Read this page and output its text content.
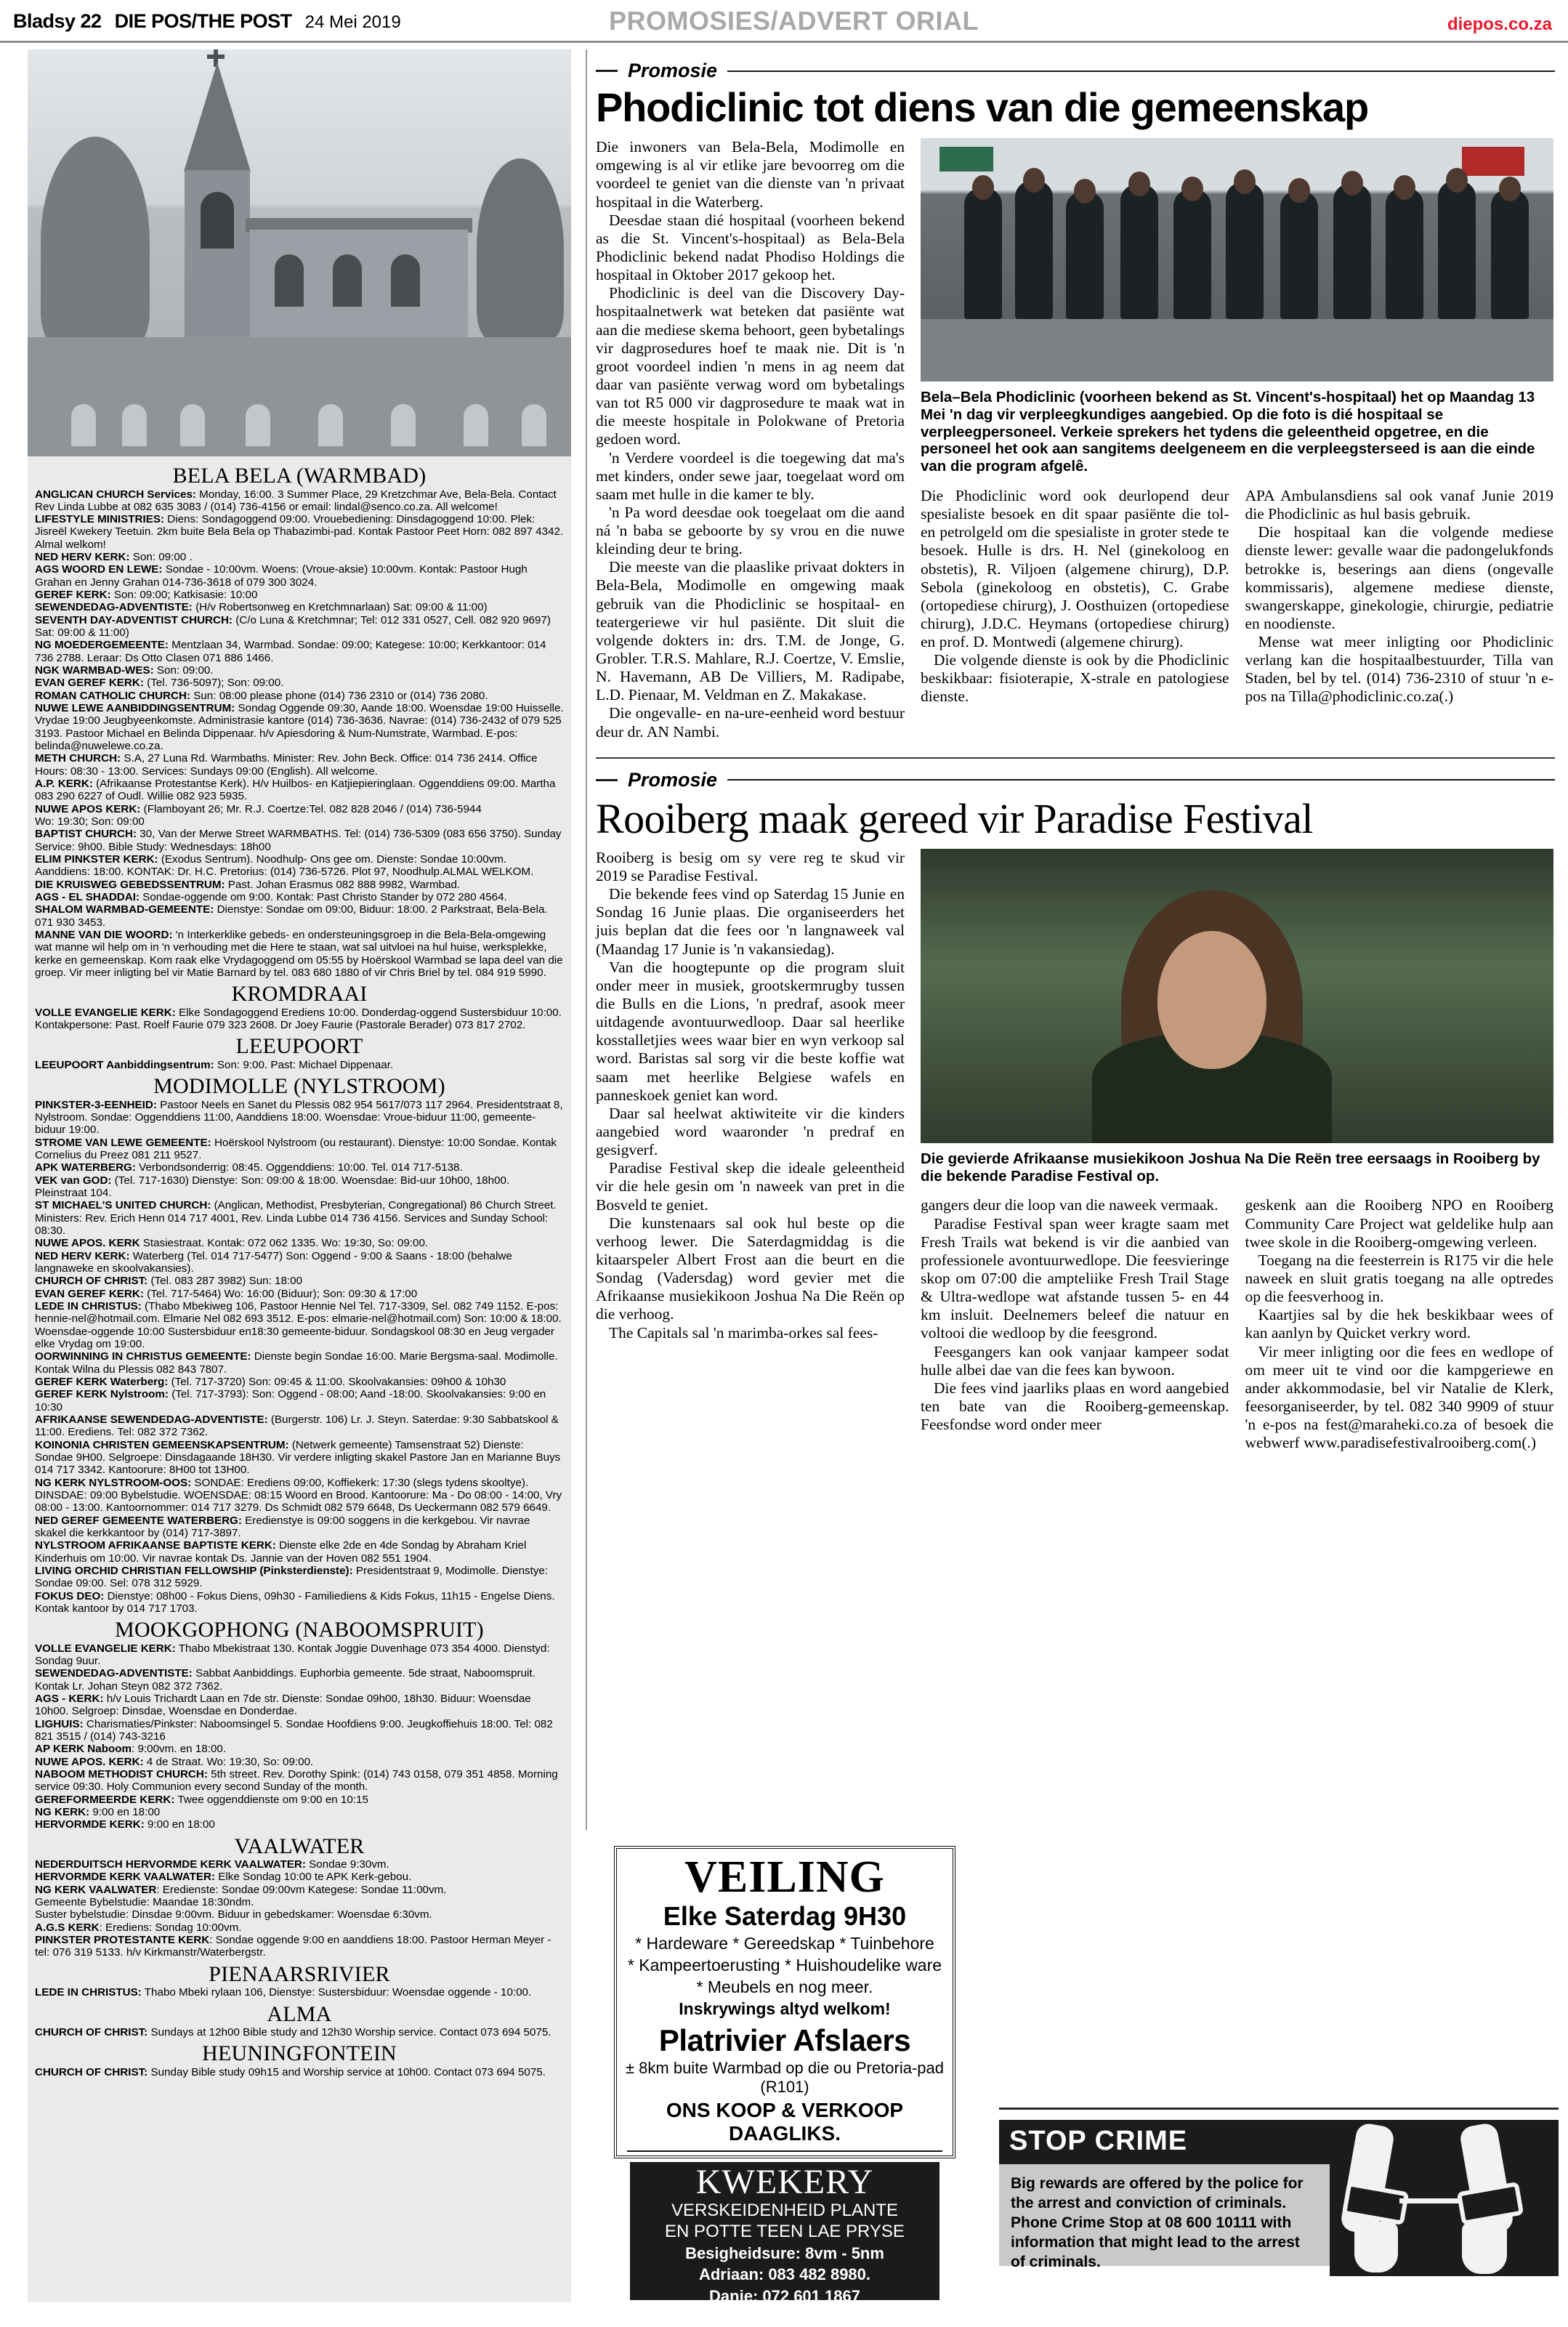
Bladsy 22 DIE POS/THE POST 24 Mei 2019	PROMOSIES/ADVERT ORIAL	diepos.co.za
BELA BELA (WARMBAD)

ANGLICAN CHURCH Services: Monday, 16:00. 3 Summer Place, 29 Kretzchmar Ave, Bela-Bela. Contact Rev Linda Lubbe at 082 635 3083 / (014) 736-4156 or email: lindal@senco.co.za. All welcome!

LIFESTYLE MINISTRIES: Diens: Sondagoggend 09:00. Vrouebediening: Dinsdagoggend 10:00. Plek: Jisreël Kwekery Teetuin. 2km buite Bela Bela op Thabazimbi-pad. Kontak Pastoor Peet Horn: 082 897 4342. Almal welkom!

NED HERV KERK: Son: 09:00 .

AGS WOORD EN LEWE: Sondae - 10:00vm. Woens: (Vroue-aksie) 10:00vm. Kontak: Pastoor Hugh Grahan en Jenny Grahan 014-736-3618 of 079 300 3024.

GEREF KERK: Son: 09:00; Katkisasie: 10:00

SEWENDEDAG-ADVENTISTE: (H/v Robertsonweg en Kretchmnarlaan) Sat: 09:00 & 11:00)

SEVENTH DAY-ADVENTIST CHURCH: (C/o Luna & Kretchmnar; Tel: 012 331 0527, Cell. 082 920 9697) Sat: 09:00 & 11:00)

NG MOEDERGEMEENTE: Mentzlaan 34, Warmbad. Sondae: 09:00; Kategese: 10:00; Kerkkantoor: 014 736 2788. Leraar: Ds Otto Clasen 071 886 1466.

NGK WARMBAD-WES: Son: 09:00.

EVAN GEREF KERK: (Tel. 736-5097); Son: 09:00.

ROMAN CATHOLIC CHURCH: Sun: 08:00 please phone (014) 736 2310 or (014) 736 2080.

NUWE LEWE AANBIDDINGSENTRUM: Sondag Oggende 09:30, Aande 18:00. Woensdae 19:00 Huisselle. Vrydae 19:00 Jeugbyeenkomste. Administrasie kantore (014) 736-3636. Navrae: (014) 736-2432 of 079 525 3193. Pastoor Michael en Belinda Dippenaar. h/v Apiesdoring & Num-Numstrate, Warmbad. E-pos: belinda@nuwelewe.co.za.

METH CHURCH: S.A, 27 Luna Rd. Warmbaths. Minister: Rev. John Beck. Office: 014 736 2414. Office Hours: 08:30 - 13:00. Services: Sundays 09:00 (English). All welcome.

A.P. KERK: (Afrikaanse Protestantse Kerk). H/v Huilbos- en Katjiepieringlaan. Oggenddiens 09:00. Martha 083 290 6227 of Oudl. Willie 082 923 5935.

NUWE APOS KERK: (Flamboyant 26; Mr. R.J. Coertze:Tel. 082 828 2046 / (014) 736-5944

Wo: 19:30; Son: 09:00

BAPTIST CHURCH: 30, Van der Merwe Street WARMBATHS. Tel: (014) 736-5309 (083 656 3750). Sunday Service: 9h00. Bible Study: Wednesdays: 18h00

ELIM PINKSTER KERK: (Exodus Sentrum). Noodhulp- Ons gee om. Dienste: Sondae 10:00vm. Aanddiens: 18:00. KONTAK: Dr. H.C. Pretorius: (014) 736-5726. Plot 97, Noodhulp.ALMAL WELKOM.

DIE KRUISWEG GEBEDSSENTRUM: Past. Johan Erasmus 082 888 9982, Warmbad.

AGS - EL SHADDAI: Sondae-oggende om 9:00. Kontak: Past Christo Stander by 072 280 4564.

SHALOM WARMBAD-GEMEENTE: Dienstye: Sondae om 09:00, Biduur: 18:00. 2 Parkstraat, Bela-Bela. 071 930 3453.

MANNE VAN DIE WOORD: 'n Interkerklike gebeds- en ondersteuningsgroep in die Bela-Bela-omgewing wat manne wil help om in 'n verhouding met die Here te staan, wat sal uitvloei na hul huise, werksplekke, kerke en gemeenskap. Kom raak elke Vrydagoggend om 05:55 by Hoërskool Warmbad se lapa deel van die groep. Vir meer inligting bel vir Matie Barnard by tel. 083 680 1880 of vir Chris Briel by tel. 084 919 5990.

KROMDRAAI

VOLLE EVANGELIE KERK: Elke Sondagoggend Erediens 10:00. Donderdag-oggend Sustersbiduur 10:00. Kontakpersone: Past. Roelf Faurie 079 323 2608. Dr Joey Faurie (Pastorale Berader) 073 817 2702.

LEEUPOORT

LEEUPOORT Aanbiddingsentrum: Son: 9:00. Past: Michael Dippenaar.

MODIMOLLE (NYLSTROOM)

PINKSTER-3-EENHEID: Pastoor Neels en Sanet du Plessis 082 954 5617/073 117 2964. Presidentstraat 8, Nylstroom. Sondae: Oggenddiens 11:00, Aanddiens 18:00. Woensdae: Vroue-biduur 11:00, gemeente-biduur 19:00.

STROME VAN LEWE GEMEENTE: Hoërskool Nylstroom (ou restaurant). Dienstye: 10:00 Sondae. Kontak Cornelius du Preez 081 211 9527.

APK WATERBERG: Verbondsonderrig: 08:45. Oggenddiens: 10:00. Tel. 014 717-5138.

VEK van GOD: (Tel. 717-1630) Dienstye: Son: 09:00 & 18:00. Woensdae: Bid-uur 10h00, 18h00. Pleinstraat 104.

ST MICHAEL'S UNITED CHURCH: (Anglican, Methodist, Presbyterian, Congregational) 86 Church Street. Ministers: Rev. Erich Henn 014 717 4001, Rev. Linda Lubbe 014 736 4156. Services and Sunday School: 08:30.

NUWE APOS. KERK Stasiestraat. Kontak: 072 062 1335. Wo: 19:30, So: 09:00.

NED HERV KERK: Waterberg (Tel. 014 717-5477) Son: Oggend - 9:00 & Saans - 18:00 (behalwe langnaweke en skoolvakansies).

CHURCH OF CHRIST: (Tel. 083 287 3982) Sun: 18:00

EVAN GEREF KERK: (Tel. 717-5464) Wo: 16:00 (Biduur); Son: 09:30 & 17:00

LEDE IN CHRISTUS: (Thabo Mbekiweg 106, Pastoor Hennie Nel Tel. 717-3309, Sel. 082 749 1152. E-pos: hennie-nel@hotmail.com. Elmarie Nel 082 693 3512. E-pos: elmarie-nel@hotmail.com) Son: 10:00 & 18:00. Woensdae-oggende 10:00 Sustersbiduur en18:30 gemeente-biduur. Sondagskool 08:30 en Jeug vergader elke Vrydag om 19:00.

OORWINNING IN CHRISTUS GEMEENTE: Dienste begin Sondae 16:00. Marie Bergsma-saal. Modimolle. Kontak Wilna du Plessis 082 843 7807.

GEREF KERK Waterberg: (Tel. 717-3720) Son: 09:45 & 11:00. Skoolvakansies: 09h00 & 10h30

GEREF KERK Nylstroom: (Tel. 717-3793): Son: Oggend - 08:00; Aand -18:00. Skoolvakansies: 9:00 en 10:30

AFRIKAANSE SEWENDEDAG-ADVENTISTE: (Burgerstr. 106) Lr. J. Steyn. Saterdae: 9:30 Sabbatskool & 11:00. Erediens. Tel: 082 372 7362.

KOINONIA CHRISTEN GEMEENSKAPSENTRUM: (Netwerk gemeente) Tamsenstraat 52) Dienste: Sondae 9H00. Selgroepe: Dinsdagaande 18H30. Vir verdere inligting skakel Pastore Jan en Marianne Buys 014 717 3342. Kantoorure: 8H00 tot 13H00.

NG KERK NYLSTROOM-OOS: SONDAE: Erediens 09:00, Koffiekerk: 17:30 (slegs tydens skooltye). DINSDAE: 09:00 Bybelstudie. WOENSDAE: 08:15 Woord en Brood. Kantoorure: Ma - Do 08:00 - 14:00, Vry 08:00 - 13:00. Kantoornommer: 014 717 3279. Ds Schmidt 082 579 6648, Ds Ueckermann 082 579 6649.

NED GEREF GEMEENTE WATERBERG: Eredienstye is 09:00 soggens in die kerkgebou. Vir navrae skakel die kerkkantoor by (014) 717-3897.

NYLSTROOM AFRIKAANSE BAPTISTE KERK: Dienste elke 2de en 4de Sondag by Abraham Kriel Kinderhuis om 10:00. Vir navrae kontak Ds. Jannie van der Hoven 082 551 1904.

LIVING ORCHID CHRISTIAN FELLOWSHIP (Pinksterdienste): Presidentstraat 9, Modimolle. Dienstye: Sondae 09:00. Sel: 078 312 5929.

FOKUS DEO: Dienstye: 08h00 - Fokus Diens, 09h30 - Familiediens & Kids Fokus, 11h15 - Engelse Diens. Kontak kantoor by 014 717 1703.

MOOKGOPHONG (NABOOMSPRUIT)

VOLLE EVANGELIE KERK: Thabo Mbekistraat 130. Kontak Joggie Duvenhage 073 354 4000. Dienstyd: Sondag 9uur.

SEWENDEDAG-ADVENTISTE: Sabbat Aanbiddings. Euphorbia gemeente. 5de straat, Naboomspruit. Kontak Lr. Johan Steyn 082 372 7362.

AGS - KERK: h/v Louis Trichardt Laan en 7de str. Dienste: Sondae 09h00, 18h30. Biduur: Woensdae 10h00. Selgroep: Dinsdae, Woensdae en Donderdae.

LIGHUIS: Charismaties/Pinkster: Naboomsingel 5. Sondae Hoofdiens 9:00. Jeugkoffiehuis 18:00. Tel: 082 821 3515 / (014) 743-3216

AP KERK Naboom: 9:00vm. en 18:00.

NUWE APOS. KERK: 4 de Straat. Wo: 19:30, So: 09:00.

NABOOM METHODIST CHURCH: 5th street. Rev. Dorothy Spink: (014) 743 0158, 079 351 4858. Morning service 09:30. Holy Communion every second Sunday of the month.

GEREFORMEERDE KERK: Twee oggenddienste om 9:00 en 10:15

NG KERK: 9:00 en 18:00

HERVORMDE KERK: 9:00 en 18:00

VAALWATER

NEDERDUITSCH HERVORMDE KERK VAALWATER: Sondae 9:30vm.

HERVORMDE KERK VAALWATER: Elke Sondag 10:00 te APK Kerk-gebou.

NG KERK VAALWATER: Eredienste: Sondae 09:00vm Kategese: Sondae 11:00vm.

Gemeente Bybelstudie: Maandae 18:30ndm.

Suster bybelstudie: Dinsdae 9:00vm. Biduur in gebedskamer: Woensdae 6:30vm.

A.G.S KERK: Erediens: Sondag 10:00vm.

PINKSTER PROTESTANTE KERK: Sondae oggende 9:00 en aanddiens 18:00. Pastoor Herman Meyer - tel: 076 319 5133. h/v Kirkmanstr/Waterbergstr.

PIENAARSRIVIER

LEDE IN CHRISTUS: Thabo Mbeki rylaan 106, Dienstye: Sustersbiduur: Woensdae oggende - 10:00.

ALMA

CHURCH OF CHRIST: Sundays at 12h00 Bible study and 12h30 Worship service. Contact 073 694 5075.

HEUNINGFONTEIN

CHURCH OF CHRIST: Sunday Bible study 09h15 and Worship service at 10h00. Contact 073 694 5075.

Promosie
Phodiclinic tot diens van die gemeenskap

Die inwoners van Bela-Bela, Modimolle en omgewing is al vir etlike jare bevoorreg om die voordeel te geniet van die dienste van 'n privaat hospitaal in die Waterberg.

Deesdae staan dié hospitaal (voorheen bekend as die St. Vincent's-hospitaal) as Bela-Bela Phodiclinic bekend nadat Phodiso Holdings die hospitaal in Oktober 2017 gekoop het.

Phodiclinic is deel van die Discovery Day-hospitaalnetwerk wat beteken dat pasiënte wat aan die mediese skema behoort, geen bybetalings vir dagprosedures hoef te maak nie. Dit is 'n groot voordeel indien 'n mens in ag neem dat daar van pasiënte verwag word om bybetalings van tot R5 000 vir dagprosedure te maak wat in die meeste hospitale in Polokwane of Pretoria gedoen word.

'n Verdere voordeel is die toegewing dat ma's met kinders, onder sewe jaar, toegelaat word om saam met hulle in die kamer te bly.

'n Pa word deesdae ook toegelaat om die aand ná 'n baba se geboorte by sy vrou en die nuwe kleinding deur te bring.

Die meeste van die plaaslike privaat dokters in Bela-Bela, Modimolle en omgewing maak gebruik van die Phodiclinic se hospitaal- en teatergeriewe vir hul pasiënte. Dit sluit die volgende dokters in: drs. T.M. de Jonge, G. Grobler. T.R.S. Mahlare, R.J. Coertze, V. Emslie, N. Havemann, AB De Villiers, M. Radipabe, L.D. Pienaar, M. Veldman en Z. Makakase.

Die ongevalle- en na-ure-eenheid word bestuur deur dr. AN Nambi.

Bela–Bela Phodiclinic (voorheen bekend as St. Vincent's-hospitaal) het op Maandag 13 Mei 'n dag vir verpleegkundiges aangebied. Op die foto is dié hospitaal se verpleegpersoneel. Verkeie sprekers het tydens die geleentheid opgetree, en die personeel het ook aan sangitems deelgeneem en die verpleegsterseed is aan die einde van die program afgelê.

Die Phodiclinic word ook deurlopend deur spesialiste besoek en dit spaar pasiënte die tol- en petrolgeld om die spesialiste in groter stede te besoek. Hulle is drs. H. Nel (ginekoloog en obstetis), R. Viljoen (algemene chirurg), D.P. Sebola (ginekoloog en obstetis), C. Grabe (ortopediese chirurg), J. Oosthuizen (ortopediese chirurg), J.D.C. Heymans (ortopediese chirurg) en prof. D. Montwedi (algemene chirurg).

Die volgende dienste is ook by die Phodiclinic beskikbaar: fisioterapie, X-strale en patologiese dienste.

APA Ambulansdiens sal ook vanaf Junie 2019 die Phodiclinic as hul basis gebruik.

Die hospitaal kan die volgende mediese dienste lewer: gevalle waar die padongelukfonds betrokke is, beserings aan diens (ongevalle kommissaris), algemene mediese dienste, swangerskappe, ginekologie, chirurgie, pediatrie en noodienste.

Mense wat meer inligting oor Phodiclinic verlang kan die hospitaalbestuurder, Tilla van Staden, bel by tel. (014) 736-2310 of stuur 'n e-pos na Tilla@phodiclinic.co.za(.)

Promosie
Rooiberg maak gereed vir Paradise Festival

Rooiberg is besig om sy vere reg te skud vir 2019 se Paradise Festival.

Die bekende fees vind op Saterdag 15 Junie en Sondag 16 Junie plaas. Die organiseerders het juis beplan dat die fees oor 'n langnaweek val (Maandag 17 Junie is 'n vakansiedag).

Van die hoogtepunte op die program sluit onder meer in musiek, grootskermrugby tussen die Bulls en die Lions, 'n predraf, asook meer uitdagende avontuurwedloop. Daar sal heerlike kosstalletjies wees waar bier en wyn verkoop sal word. Baristas sal sorg vir die beste koffie wat saam met heerlike Belgiese wafels en panneskoek geniet kan word.

Daar sal heelwat aktiwiteite vir die kinders aangebied word waaronder 'n predraf en gesigverf.

Paradise Festival skep die ideale geleentheid vir die hele gesin om 'n naweek van pret in die Bosveld te geniet.

Die kunstenaars sal ook hul beste op die verhoog lewer. Die Saterdagmiddag is die kitaarspeler Albert Frost aan die beurt en die Sondag (Vadersdag) word gevier met die Afrikaanse musiekikoon Joshua Na Die Reën op die verhoog.

The Capitals sal 'n marimba-orkes sal fees-

Die gevierde Afrikaanse musiekikoon Joshua Na Die Reën tree eersaags in Rooiberg by die bekende Paradise Festival op.

gangers deur die loop van die naweek vermaak.

Paradise Festival span weer kragte saam met Fresh Trails wat bekend is vir die aanbied van professionele avontuurwedlope. Die feesvieringe skop om 07:00 die ampteliike Fresh Trail Stage & Ultra-wedlope wat afstande tussen 5- en 44 km insluit. Deelnemers beleef die natuur en voltooi die wedloop by die feesgrond.

Feesgangers kan ook vanjaar kampeer sodat hulle albei dae van die fees kan bywoon.

Die fees vind jaarliks plaas en word aangebied ten bate van die Rooiberg-gemeenskap. Feesfondse word onder meer

geskenk aan die Rooiberg NPO en Rooiberg Community Care Project wat geldelike hulp aan twee skole in die Rooiberg-omgewing verleen.

Toegang na die feesterrein is R175 vir die hele naweek en sluit gratis toegang na alle optredes op die feesverhoog in.

Kaartjies sal by die hek beskikbaar wees of kan aanlyn by Quicket verkry word.

Vir meer inligting oor die fees en wedlope of om meer uit te vind oor die kampgeriewe en ander akkommodasie, bel vir Natalie de Klerk, feesorganiseerder, by tel. 082 340 9909 of stuur 'n e-pos na fest@maraheki.co.za of besoek die webwerf www.paradisefestivalrooiberg.com(.)

VEILING
Elke Saterdag 9H30
* Hardeware * Gereedskap * Tuinbehore
* Kampeertoerusting * Huishoudelike ware
* Meubels en nog meer.
Inskrywings altyd welkom!
Platrivier Afslaers
± 8km buite Warmbad op die ou Pretoria-pad (R101)
ONS KOOP & VERKOOP DAAGLIKS.
KWEKERY
VERSKEIDENHEID PLANTE
EN POTTE TEEN LAE PRYSE
Besigheidsure: 8vm - 5nm
Adriaan: 083 482 8980.
Danie: 072 601 1867
Sel: 083 505 5482
STOP CRIME
Big rewards are offered by the police for the arrest and conviction of criminals. Phone Crime Stop at 08 600 10111 with information that might lead to the arrest of criminals.
